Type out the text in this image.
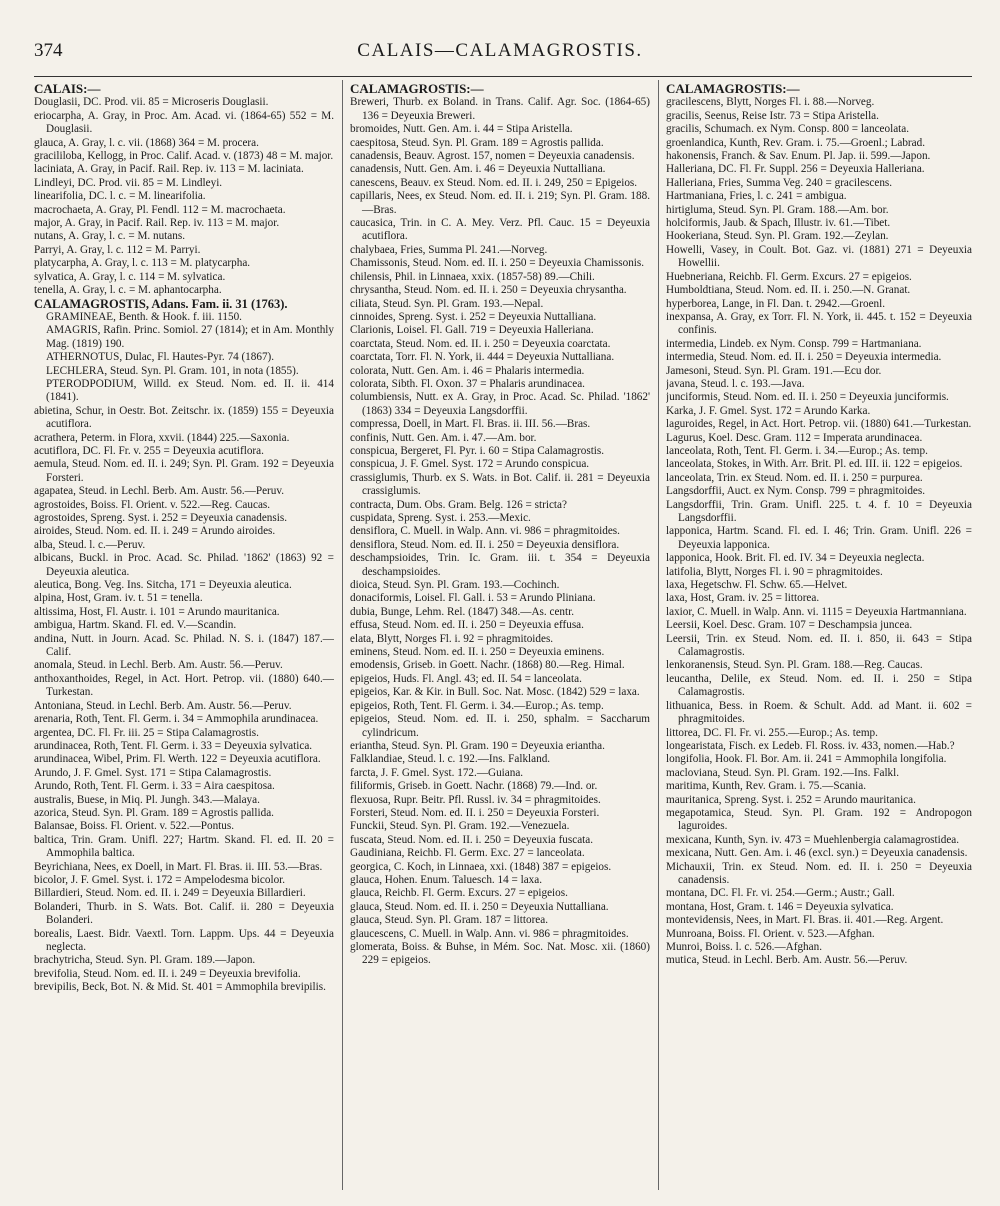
374	CALAIS—CALAMAGROSTIS.
CALAIS:—

Douglasii, DC. Prod. vii. 85 = Microseris Douglasii.

eriocarpha, A. Gray, in Proc. Am. Acad. vi. (1864-65) 552 = M. Douglasii.

glauca, A. Gray, l. c. vii. (1868) 364 = M. procera.

gracililoba, Kellogg, in Proc. Calif. Acad. v. (1873) 48 = M. major.

laciniata, A. Gray, in Pacif. Rail. Rep. iv. 113 = M. laciniata.

Lindleyi, DC. Prod. vii. 85 = M. Lindleyi.

linearifolia, DC. l. c. = M. linearifolia.

macrochaeta, A. Gray, Pl. Fendl. 112 = M. macrochaeta.

major, A. Gray, in Pacif. Rail. Rep. iv. 113 = M. major.

nutans, A. Gray, l. c. = M. nutans.

Parryi, A. Gray, l. c. 112 = M. Parryi.

platycarpha, A. Gray, l. c. 113 = M. platycarpha.

sylvatica, A. Gray, l. c. 114 = M. sylvatica.

tenella, A. Gray, l. c. = M. aphantocarpha.

CALAMAGROSTIS, Adans. Fam. ii. 31 (1763).

GRAMINEAE, Benth. & Hook. f. iii. 1150.

AMAGRIS, Rafin. Princ. Somiol. 27 (1814); et in Am. Monthly Mag. (1819) 190.

ATHERNOTUS, Dulac, Fl. Hautes-Pyr. 74 (1867).

LECHLERA, Steud. Syn. Pl. Gram. 101, in nota (1855).

PTERODPODIUM, Willd. ex Steud. Nom. ed. II. ii. 414 (1841).

abietina, Schur, in Oestr. Bot. Zeitschr. ix. (1859) 155 = Deyeuxia acutiflora.

acrathera, Peterm. in Flora, xxvii. (1844) 225.—Saxonia.

acutiflora, DC. Fl. Fr. v. 255 = Deyeuxia acutiflora.

aemula, Steud. Nom. ed. II. i. 249; Syn. Pl. Gram. 192 = Deyeuxia Forsteri.

agapatea, Steud. in Lechl. Berb. Am. Austr. 56.—Peruv.

agrostoides, Boiss. Fl. Orient. v. 522.—Reg. Caucas.

agrostoides, Spreng. Syst. i. 252 = Deyeuxia canadensis.

airoides, Steud. Nom. ed. II. i. 249 = Arundo airoides.

alba, Steud. l. c.—Peruv.

albicans, Buckl. in Proc. Acad. Sc. Philad. '1862' (1863) 92 = Deyeuxia aleutica.

aleutica, Bong. Veg. Ins. Sitcha, 171 = Deyeuxia aleutica.

alpina, Host, Gram. iv. t. 51 = tenella.

altissima, Host, Fl. Austr. i. 101 = Arundo mauritanica.

ambigua, Hartm. Skand. Fl. ed. V.—Scandin.

andina, Nutt. in Journ. Acad. Sc. Philad. N. S. i. (1847) 187.—Calif.

anomala, Steud. in Lechl. Berb. Am. Austr. 56.—Peruv.

anthoxanthoides, Regel, in Act. Hort. Petrop. vii. (1880) 640.—Turkestan.

Antoniana, Steud. in Lechl. Berb. Am. Austr. 56.—Peruv.

arenaria, Roth, Tent. Fl. Germ. i. 34 = Ammophila arundinacea.

argentea, DC. Fl. Fr. iii. 25 = Stipa Calamagrostis.

arundinacea, Roth, Tent. Fl. Germ. i. 33 = Deyeuxia sylvatica.

arundinacea, Wibel, Prim. Fl. Werth. 122 = Deyeuxia acutiflora.

Arundo, J. F. Gmel. Syst. 171 = Stipa Calamagrostis.

Arundo, Roth, Tent. Fl. Germ. i. 33 = Aira caespitosa.

australis, Buese, in Miq. Pl. Jungh. 343.—Malaya.

azorica, Steud. Syn. Pl. Gram. 189 = Agrostis pallida.

Balansae, Boiss. Fl. Orient. v. 522.—Pontus.

baltica, Trin. Gram. Unifl. 227; Hartm. Skand. Fl. ed. II. 20 = Ammophila baltica.

Beyrichiana, Nees, ex Doell, in Mart. Fl. Bras. ii. III. 53.—Bras.

bicolor, J. F. Gmel. Syst. i. 172 = Ampelodesma bicolor.

Billardieri, Steud. Nom. ed. II. i. 249 = Deyeuxia Billardieri.

Bolanderi, Thurb. in S. Wats. Bot. Calif. ii. 280 = Deyeuxia Bolanderi.

borealis, Laest. Bidr. Vaextl. Torn. Lappm. Ups. 44 = Deyeuxia neglecta.

brachytricha, Steud. Syn. Pl. Gram. 189.—Japon.

brevifolia, Steud. Nom. ed. II. i. 249 = Deyeuxia brevifolia.

brevipilis, Beck, Bot. N. & Mid. St. 401 = Ammophila brevipilis.

CALAMAGROSTIS:—

Breweri, Thurb. ex Boland. in Trans. Calif. Agr. Soc. (1864-65) 136 = Deyeuxia Breweri.

bromoides, Nutt. Gen. Am. i. 44 = Stipa Aristella.

caespitosa, Steud. Syn. Pl. Gram. 189 = Agrostis pallida.

canadensis, Beauv. Agrost. 157, nomen = Deyeuxia canadensis.

canadensis, Nutt. Gen. Am. i. 46 = Deyeuxia Nuttalliana.

canescens, Beauv. ex Steud. Nom. ed. II. i. 249, 250 = Epigeios.

capillaris, Nees, ex Steud. Nom. ed. II. i. 219; Syn. Pl. Gram. 188.—Bras.

caucasica, Trin. in C. A. Mey. Verz. Pfl. Cauc. 15 = Deyeuxia acutiflora.

chalybaea, Fries, Summa Pl. 241.—Norveg.

Chamissonis, Steud. Nom. ed. II. i. 250 = Deyeuxia Chamissonis.

chilensis, Phil. in Linnaea, xxix. (1857-58) 89.—Chili.

chrysantha, Steud. Nom. ed. II. i. 250 = Deyeuxia chrysantha.

ciliata, Steud. Syn. Pl. Gram. 193.—Nepal.

cinnoides, Spreng. Syst. i. 252 = Deyeuxia Nuttalliana.

Clarionis, Loisel. Fl. Gall. 719 = Deyeuxia Halleriana.

coarctata, Steud. Nom. ed. II. i. 250 = Deyeuxia coarctata.

coarctata, Torr. Fl. N. York, ii. 444 = Deyeuxia Nuttalliana.

colorata, Nutt. Gen. Am. i. 46 = Phalaris intermedia.

colorata, Sibth. Fl. Oxon. 37 = Phalaris arundinacea.

columbiensis, Nutt. ex A. Gray, in Proc. Acad. Sc. Philad. '1862' (1863) 334 = Deyeuxia Langsdorffii.

compressa, Doell, in Mart. Fl. Bras. ii. III. 56.—Bras.

confinis, Nutt. Gen. Am. i. 47.—Am. bor.

conspicua, Bergeret, Fl. Pyr. i. 60 = Stipa Calamagrostis.

conspicua, J. F. Gmel. Syst. 172 = Arundo conspicua.

crassiglumis, Thurb. ex S. Wats. in Bot. Calif. ii. 281 = Deyeuxia crassiglumis.

contracta, Dum. Obs. Gram. Belg. 126 = stricta?

cuspidata, Spreng. Syst. i. 253.—Mexic.

densiflora, C. Muell. in Walp. Ann. vi. 986 = phragmitoides.

densiflora, Steud. Nom. ed. II. i. 250 = Deyeuxia densiflora.

deschampsioides, Trin. Ic. Gram. iii. t. 354 = Deyeuxia deschampsioides.

dioica, Steud. Syn. Pl. Gram. 193.—Cochinch.

donaciformis, Loisel. Fl. Gall. i. 53 = Arundo Pliniana.

dubia, Bunge, Lehm. Rel. (1847) 348.—As. centr.

effusa, Steud. Nom. ed. II. i. 250 = Deyeuxia effusa.

elata, Blytt, Norges Fl. i. 92 = phragmitoides.

eminens, Steud. Nom. ed. II. i. 250 = Deyeuxia eminens.

emodensis, Griseb. in Goett. Nachr. (1868) 80.—Reg. Himal.

epigeios, Huds. Fl. Angl. 43; ed. II. 54 = lanceolata.

epigeios, Kar. & Kir. in Bull. Soc. Nat. Mosc. (1842) 529 = laxa.

epigeios, Roth, Tent. Fl. Germ. i. 34.—Europ.; As. temp.

epigeios, Steud. Nom. ed. II. i. 250, sphalm. = Saccharum cylindricum.

eriantha, Steud. Syn. Pl. Gram. 190 = Deyeuxia eriantha.

Falklandiae, Steud. l. c. 192.—Ins. Falkland.

farcta, J. F. Gmel. Syst. 172.—Guiana.

filiformis, Griseb. in Goett. Nachr. (1868) 79.—Ind. or.

flexuosa, Rupr. Beitr. Pfl. Russl. iv. 34 = phragmitoides.

Forsteri, Steud. Nom. ed. II. i. 250 = Deyeuxia Forsteri.

Funckii, Steud. Syn. Pl. Gram. 192.—Venezuela.

fuscata, Steud. Nom. ed. II. i. 250 = Deyeuxia fuscata.

Gaudiniana, Reichb. Fl. Germ. Exc. 27 = lanceolata.

georgica, C. Koch, in Linnaea, xxi. (1848) 387 = epigeios.

glauca, Hohen. Enum. Taluesch. 14 = laxa.

glauca, Reichb. Fl. Germ. Excurs. 27 = epigeios.

glauca, Steud. Nom. ed. II. i. 250 = Deyeuxia Nuttalliana.

glauca, Steud. Syn. Pl. Gram. 187 = littorea.

glaucescens, C. Muell. in Walp. Ann. vi. 986 = phragmitoides.

glomerata, Boiss. & Buhse, in Mém. Soc. Nat. Mosc. xii. (1860) 229 = epigeios.

CALAMAGROSTIS:—

gracilescens, Blytt, Norges Fl. i. 88.—Norveg.

gracilis, Seenus, Reise Istr. 73 = Stipa Aristella.

gracilis, Schumach. ex Nym. Consp. 800 = lanceolata.

groenlandica, Kunth, Rev. Gram. i. 75.—Groenl.; Labrad.

hakonensis, Franch. & Sav. Enum. Pl. Jap. ii. 599.—Japon.

Halleriana, DC. Fl. Fr. Suppl. 256 = Deyeuxia Halleriana.

Halleriana, Fries, Summa Veg. 240 = gracilescens.

Hartmaniana, Fries, l. c. 241 = ambigua.

hirtigluma, Steud. Syn. Pl. Gram. 188.—Am. bor.

holciformis, Jaub. & Spach, Illustr. iv. 61.—Tibet.

Hookeriana, Steud. Syn. Pl. Gram. 192.—Zeylan.

Howelli, Vasey, in Coult. Bot. Gaz. vi. (1881) 271 = Deyeuxia Howellii.

Huebneriana, Reichb. Fl. Germ. Excurs. 27 = epigeios.

Humboldtiana, Steud. Nom. ed. II. i. 250.—N. Granat.

hyperborea, Lange, in Fl. Dan. t. 2942.—Groenl.

inexpansa, A. Gray, ex Torr. Fl. N. York, ii. 445. t. 152 = Deyeuxia confinis.

intermedia, Lindeb. ex Nym. Consp. 799 = Hartmaniana.

intermedia, Steud. Nom. ed. II. i. 250 = Deyeuxia intermedia.

Jamesoni, Steud. Syn. Pl. Gram. 191.—Ecu dor.

javana, Steud. l. c. 193.—Java.

junciformis, Steud. Nom. ed. II. i. 250 = Deyeuxia junciformis.

Karka, J. F. Gmel. Syst. 172 = Arundo Karka.

laguroides, Regel, in Act. Hort. Petrop. vii. (1880) 641.—Turkestan.

Lagurus, Koel. Desc. Gram. 112 = Imperata arundinacea.

lanceolata, Roth, Tent. Fl. Germ. i. 34.—Europ.; As. temp.

lanceolata, Stokes, in With. Arr. Brit. Pl. ed. III. ii. 122 = epigeios.

lanceolata, Trin. ex Steud. Nom. ed. II. i. 250 = purpurea.

Langsdorffii, Auct. ex Nym. Consp. 799 = phragmitoides.

Langsdorffii, Trin. Gram. Unifl. 225. t. 4. f. 10 = Deyeuxia Langsdorffii.

lapponica, Hartm. Scand. Fl. ed. I. 46; Trin. Gram. Unifl. 226 = Deyeuxia lapponica.

lapponica, Hook. Brit. Fl. ed. IV. 34 = Deyeuxia neglecta.

latifolia, Blytt, Norges Fl. i. 90 = phragmitoides.

laxa, Hegetschw. Fl. Schw. 65.—Helvet.

laxa, Host, Gram. iv. 25 = littorea.

laxior, C. Muell. in Walp. Ann. vi. 1115 = Deyeuxia Hartmanniana.

Leersii, Koel. Desc. Gram. 107 = Deschampsia juncea.

Leersii, Trin. ex Steud. Nom. ed. II. i. 850, ii. 643 = Stipa Calamagrostis.

lenkoranensis, Steud. Syn. Pl. Gram. 188.—Reg. Caucas.

leucantha, Delile, ex Steud. Nom. ed. II. i. 250 = Stipa Calamagrostis.

lithuanica, Bess. in Roem. & Schult. Add. ad Mant. ii. 602 = phragmitoides.

littorea, DC. Fl. Fr. vi. 255.—Europ.; As. temp.

longearistata, Fisch. ex Ledeb. Fl. Ross. iv. 433, nomen.—Hab.?

longifolia, Hook. Fl. Bor. Am. ii. 241 = Ammophila longifolia.

macloviana, Steud. Syn. Pl. Gram. 192.—Ins. Falkl.

maritima, Kunth, Rev. Gram. i. 75.—Scania.

mauritanica, Spreng. Syst. i. 252 = Arundo mauritanica.

megapotamica, Steud. Syn. Pl. Gram. 192 = Andropogon laguroides.

mexicana, Kunth, Syn. iv. 473 = Muehlenbergia calamagrostidea.

mexicana, Nutt. Gen. Am. i. 46 (excl. syn.) = Deyeuxia canadensis.

Michauxii, Trin. ex Steud. Nom. ed. II. i. 250 = Deyeuxia canadensis.

montana, DC. Fl. Fr. vi. 254.—Germ.; Austr.; Gall.

montana, Host, Gram. t. 146 = Deyeuxia sylvatica.

montevidensis, Nees, in Mart. Fl. Bras. ii. 401.—Reg. Argent.

Munroana, Boiss. Fl. Orient. v. 523.—Afghan.

Munroi, Boiss. l. c. 526.—Afghan.

mutica, Steud. in Lechl. Berb. Am. Austr. 56.—Peruv.
